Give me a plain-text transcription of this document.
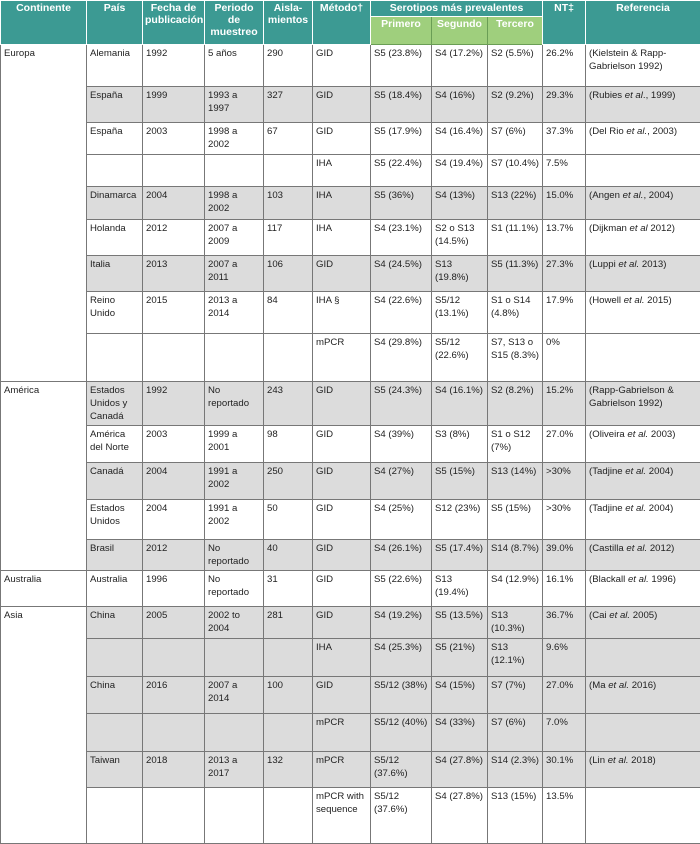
Continente	País	Fecha de publicación	Periodo de muestreo	Aisla-mientos	Método†	Serotipos más prevalentes			NT‡	Referencia
						Primero	Segundo	Tercero		
Europa	Alemania	1992	5 años	290	GID	S5 (23.8%)	S4 (17.2%)	S2 (5.5%)	26.2%	(Kielstein & Rapp-Gabrielson 1992)
	España	1999	1993 a 1997	327	GID	S5 (18.4%)	S4 (16%)	S2 (9.2%)	29.3%	(Rubies et al., 1999)
	España	2003	1998 a 2002	67	GID	S5 (17.9%)	S4 (16.4%)	S7 (6%)	37.3%	(Del Rio et al., 2003)
					IHA	S5 (22.4%)	S4 (19.4%)	S7 (10.4%)	7.5%	
	Dinamarca	2004	1998 a 2002	103	IHA	S5 (36%)	S4 (13%)	S13 (22%)	15.0%	(Angen et al., 2004)
	Holanda	2012	2007 a 2009	117	IHA	S4 (23.1%)	S2 o S13 (14.5%)	S1 (11.1%)	13.7%	(Dijkman et al 2012)
	Italia	2013	2007 a 2011	106	GID	S4 (24.5%)	S13 (19.8%)	S5 (11.3%)	27.3%	(Luppi et al. 2013)
	Reino Unido	2015	2013 a 2014	84	IHA §	S4 (22.6%)	S5/12 (13.1%)	S1 o S14 (4.8%)	17.9%	(Howell et al. 2015)
					mPCR	S4 (29.8%)	S5/12 (22.6%)	S7, S13 o S15 (8.3%)	0%	
América	Estados Unidos y Canadá	1992	No reportado	243	GID	S5 (24.3%)	S4 (16.1%)	S2 (8.2%)	15.2%	(Rapp-Gabrielson & Gabrielson 1992)
	América del Norte	2003	1999 a 2001	98	GID	S4 (39%)	S3 (8%)	S1 o S12 (7%)	27.0%	(Oliveira et al. 2003)
	Canadá	2004	1991 a 2002	250	GID	S4 (27%)	S5 (15%)	S13 (14%)	>30%	(Tadjine et al. 2004)
	Estados Unidos	2004	1991 a 2002	50	GID	S4 (25%)	S12 (23%)	S5 (15%)	>30%	(Tadjine et al. 2004)
	Brasil	2012	No reportado	40	GID	S4 (26.1%)	S5 (17.4%)	S14 (8.7%)	39.0%	(Castilla et al. 2012)
Australia	Australia	1996	No reportado	31	GID	S5 (22.6%)	S13 (19.4%)	S4 (12.9%)	16.1%	(Blackall et al. 1996)
Asia	China	2005	2002 to 2004	281	GID	S4 (19.2%)	S5 (13.5%)	S13 (10.3%)	36.7%	(Cai et al. 2005)
					IHA	S4 (25.3%)	S5 (21%)	S13 (12.1%)	9.6%	
	China	2016	2007 a 2014	100	GID	S5/12 (38%)	S4 (15%)	S7 (7%)	27.0%	(Ma et al. 2016)
					mPCR	S5/12 (40%)	S4 (33%)	S7 (6%)	7.0%	
	Taiwan	2018	2013 a 2017	132	mPCR	S5/12 (37.6%)	S4 (27.8%)	S14 (2.3%)	30.1%	(Lin et al. 2018)
					mPCR with sequence	S5/12 (37.6%)	S4 (27.8%)	S13 (15%)	13.5%	
